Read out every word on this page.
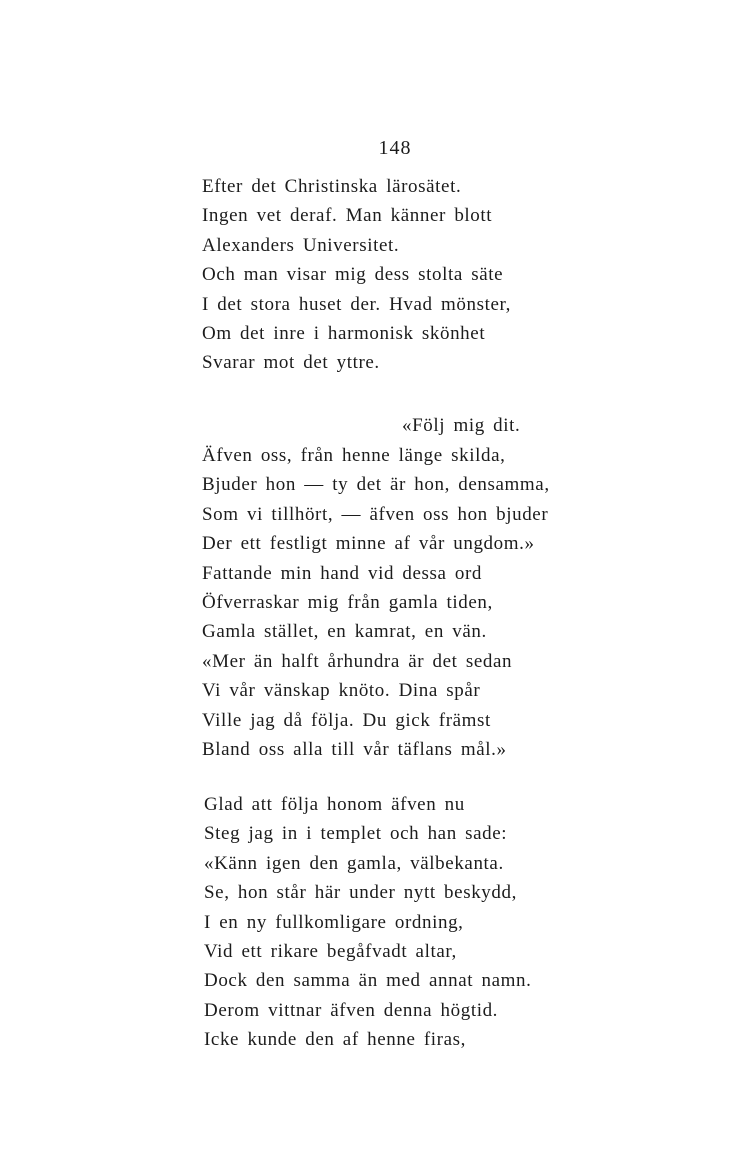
148
Efter det Christinska lärosätet.
Ingen vet deraf. Man känner blott
Alexanders Universitet.
Och man visar mig dess stolta säte
I det stora huset der. Hvad mönster,
Om det inre i harmonisk skönhet
Svarar mot det yttre.
«Följ mig dit.
Äfven oss, från henne länge skilda,
Bjuder hon — ty det är hon, densamma,
Som vi tillhört, — äfven oss hon bjuder
Der ett festligt minne af vår ungdom.»
Fattande min hand vid dessa ord
Öfverraskar mig från gamla tiden,
Gamla stället, en kamrat, en vän.
«Mer än halft århundra är det sedan
Vi vår vänskap knöto. Dina spår
Ville jag då följa. Du gick främst
Bland oss alla till vår täflans mål.»
Glad att följa honom äfven nu
Steg jag in i templet och han sade:
«Känn igen den gamla, välbekanta.
Se, hon står här under nytt beskydd,
I en ny fullkomligare ordning,
Vid ett rikare begåfvadt altar,
Dock den samma än med annat namn.
Derom vittnar äfven denna högtid.
Icke kunde den af henne firas,
